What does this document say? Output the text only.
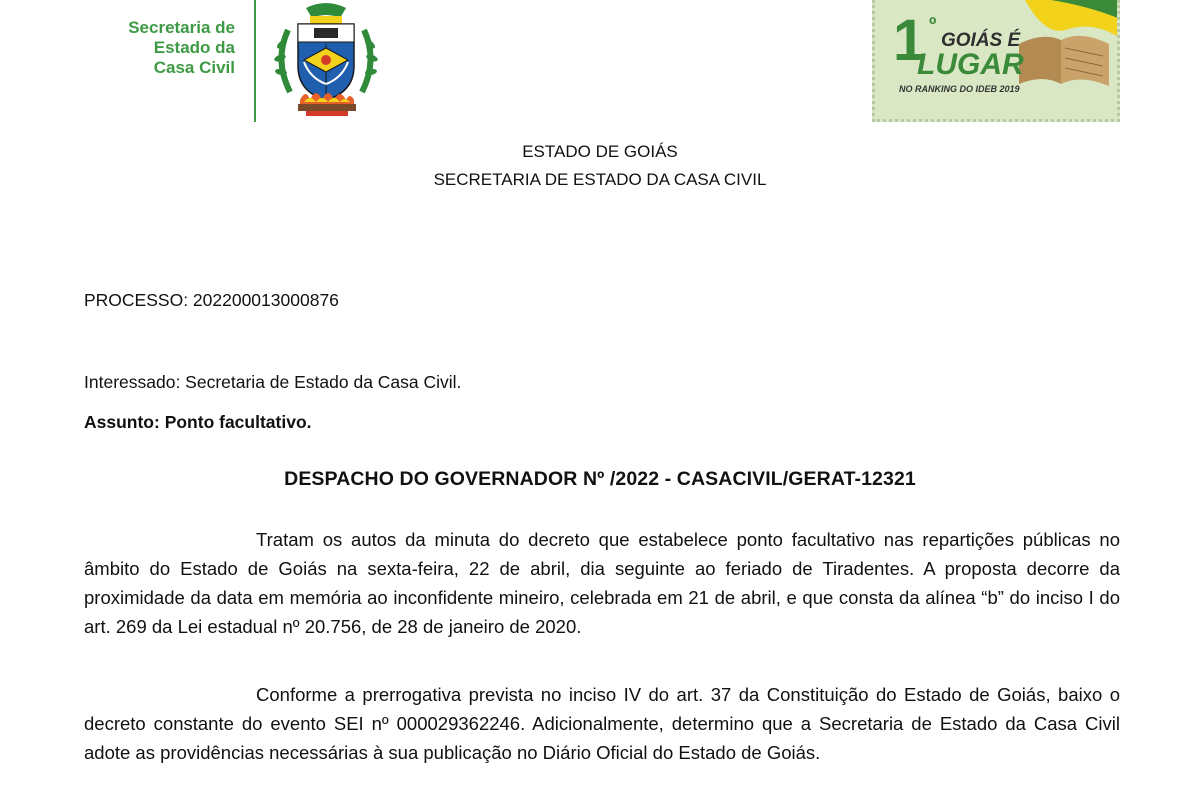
Secretaria de
Estado da
Casa Civil	1 º
GOIÁS É
LUGAR
NO RANKING DO IDEB 2019
ESTADO DE GOIÁS
SECRETARIA DE ESTADO DA CASA CIVIL
PROCESSO: 202200013000876
Interessado: Secretaria de Estado da Casa Civil.
Assunto: Ponto facultativo.
DESPACHO DO GOVERNADOR Nº /2022 - CASACIVIL/GERAT-12321
Tratam os autos da minuta do decreto que estabelece ponto facultativo nas repartições públicas no âmbito do Estado de Goiás na sexta-feira, 22 de abril, dia seguinte ao feriado de Tiradentes. A proposta decorre da proximidade da data em memória ao inconfidente mineiro, celebrada em 21 de abril, e que consta da alínea “b” do inciso I do art. 269 da Lei estadual nº 20.756, de 28 de janeiro de 2020.
Conforme a prerrogativa prevista no inciso IV do art. 37 da Constituição do Estado de Goiás, baixo o decreto constante do evento SEI nº 000029362246. Adicionalmente, determino que a Secretaria de Estado da Casa Civil adote as providências necessárias à sua publicação no Diário Oficial do Estado de Goiás.
